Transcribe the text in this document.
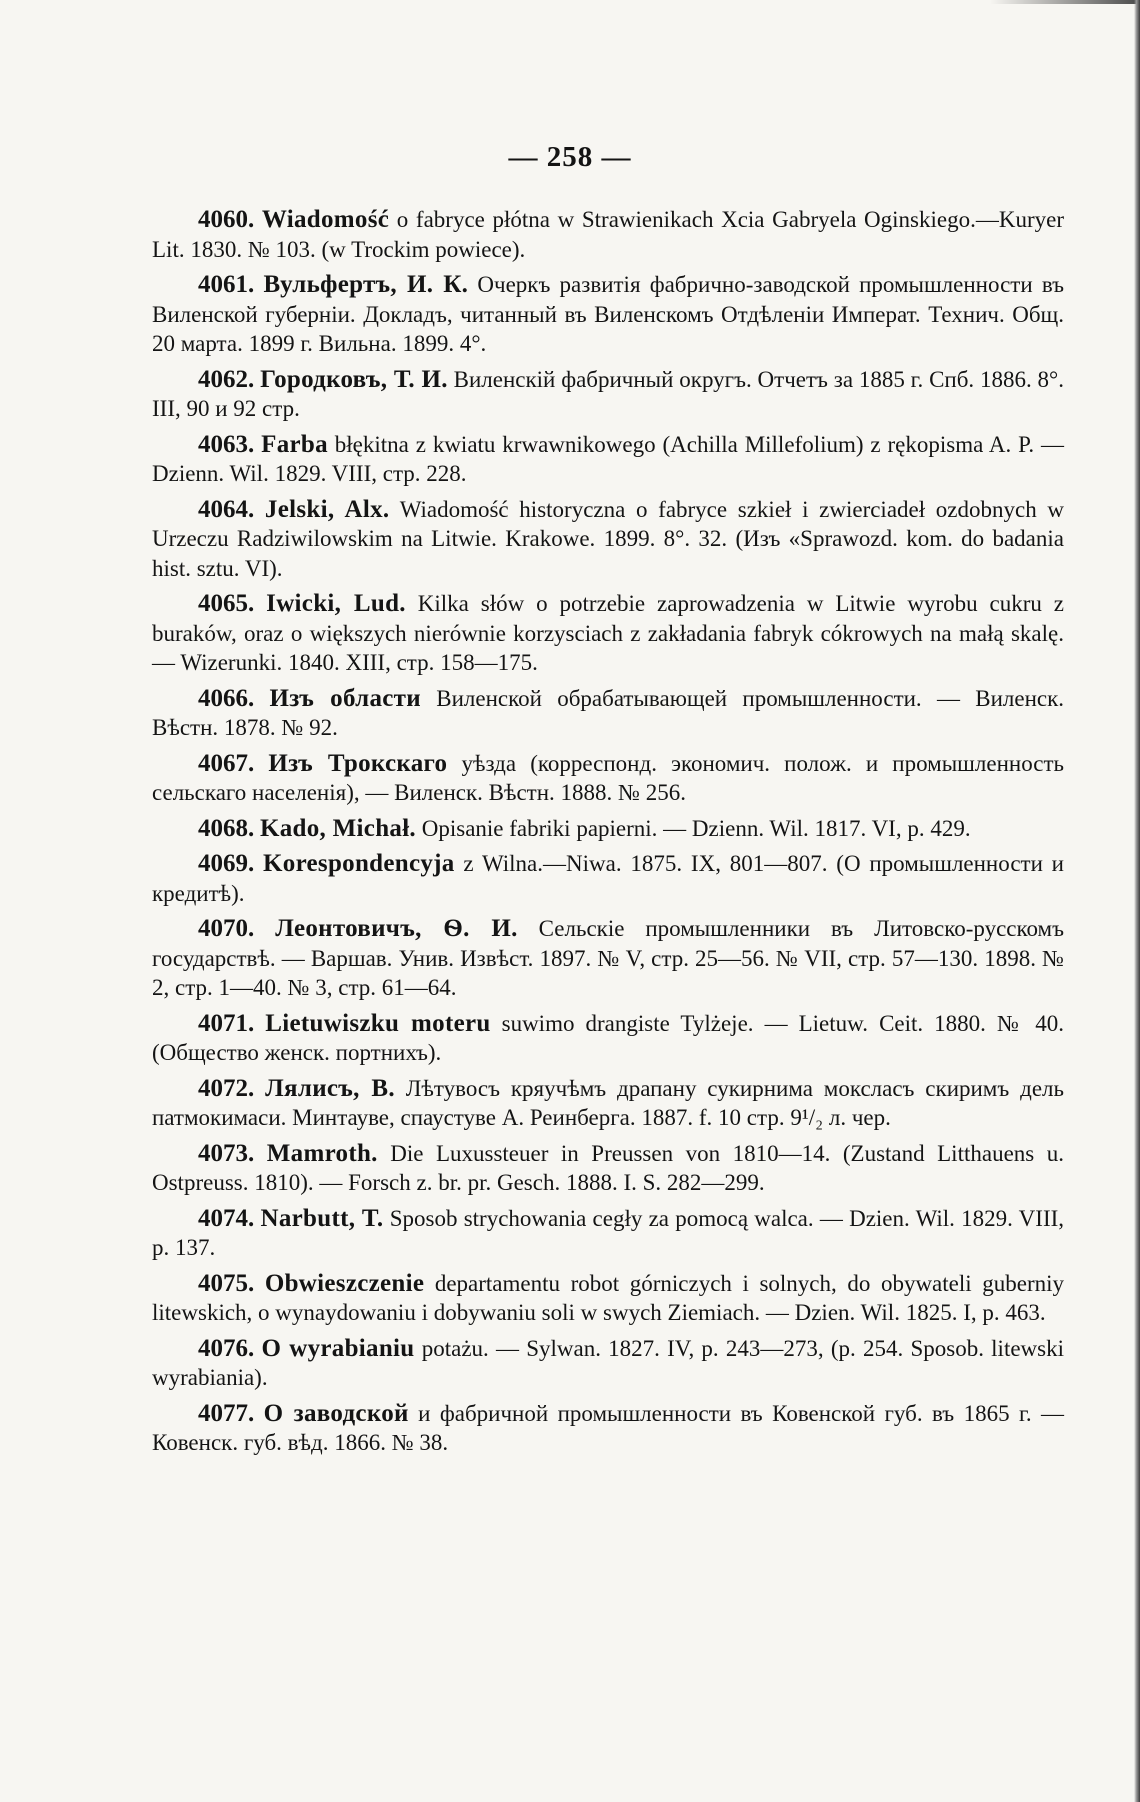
— 258 —

4060. Wiadomość o fabryce płótna w Strawienikach Xcia Gabryela Oginskiego.—Kuryer Lit. 1830. № 103. (w Trockim powiece).

4061. Вульфертъ, И. К. Очеркъ развитія фабрично-заводской промышленности въ Виленской губерніи. Докладъ, читанный въ Виленскомъ Отдѣленіи Императ. Технич. Общ. 20 марта. 1899 г. Вильна. 1899. 4°.

4062. Городковъ, Т. И. Виленскій фабричный округъ. Отчетъ за 1885 г. Спб. 1886. 8°. III, 90 и 92 стр.

4063. Farba błękitna z kwiatu krwawnikowego (Achilla Millefolium) z rękopisma A. P. — Dzienn. Wil. 1829. VIII, стр. 228.

4064. Jelski, Alx. Wiadomość historyczna o fabryce szkieł i zwierciadeł ozdobnych w Urzeczu Radziwilowskim na Litwie. Krakowe. 1899. 8°. 32. (Изъ «Sprawozd. kom. do badania hist. sztu. VI).

4065. Iwicki, Lud. Kilka słów o potrzebie zaprowadzenia w Litwie wyrobu cukru z buraków, oraz o większych nierównie korzysciach z zakładania fabryk cókrowych na małą skalę. — Wizerunki. 1840. XIII, стр. 158—175.

4066. Изъ области Виленской обрабатывающей промышленности. — Виленск. Вѣстн. 1878. № 92.

4067. Изъ Трокскаго уѣзда (корреспонд. экономич. полож. и промышленность сельскаго населенія), — Виленск. Вѣстн. 1888. № 256.

4068. Kado, Michał. Opisanie fabriki papierni. — Dzienn. Wil. 1817. VI, p. 429.

4069. Korespondencyja z Wilna.—Niwa. 1875. IX, 801—807. (О промышленности и кредитѣ).

4070. Леонтовичъ, Ѳ. И. Сельскіе промышленники въ Литовско-русскомъ государствѣ. — Варшав. Унив. Извѣст. 1897. № V, стр. 25—56. № VII, стр. 57—130. 1898. № 2, стр. 1—40. № 3, стр. 61—64.

4071. Lietuwiszku moteru suwimo drangiste Tylżeje. — Lietuw. Ceit. 1880. № 40. (Общество женск. портнихъ).

4072. Лялисъ, В. Лѣтувосъ кряучѣмъ драпану сукирнима моксласъ скиримъ дель патмокимаси. Минтауве, спаустуве А. Реинберга. 1887. f. 10 стр. 9¹/₂ л. чер.

4073. Mamroth. Die Luxussteuer in Preussen von 1810—14. (Zustand Litthauens u. Ostpreuss. 1810). — Forsch z. br. pr. Gesch. 1888. I. S. 282—299.

4074. Narbutt, T. Sposob strychowania cegły za pomocą walca. — Dzien. Wil. 1829. VIII, p. 137.

4075. Obwieszczenie departamentu robot górniczych i solnych, do obywateli guberniy litewskich, o wynaydowaniu i dobywaniu soli w swych Ziemiach. — Dzien. Wil. 1825. I, p. 463.

4076. O wyrabianiu potażu. — Sylwan. 1827. IV, p. 243—273, (p. 254. Sposob. litewski wyrabiania).

4077. О заводской и фабричной промышленности въ Ковенской губ. въ 1865 г. — Ковенск. губ. вѣд. 1866. № 38.
